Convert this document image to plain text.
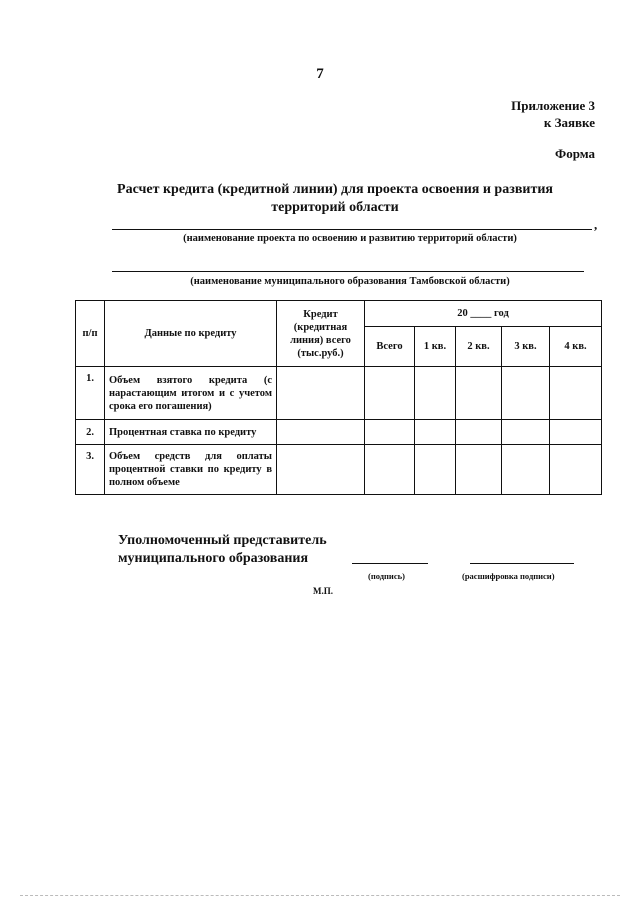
7
Приложение 3
к Заявке
Форма
Расчет кредита (кредитной линии) для проекта освоения и развития
территорий области
,
(наименование проекта по освоению и развитию территорий области)
(наименование муниципального образования Тамбовской области)
п/п	Данные по кредиту	Кредит (кредитная линия) всего (тыс.руб.)	20 ____ год				
			Всего	1 кв.	2 кв.	3 кв.	4 кв.
1.	Объем взятого кредита (с нарастающим итогом и с учетом срока его погашения)						
2.	Процентная ставка по кредиту						
3.	Объем средств для оплаты процентной ставки по кредиту в полном объеме						
Уполномоченный представитель
муниципального образования
(подпись)	(расшифровка подписи)
М.П.
